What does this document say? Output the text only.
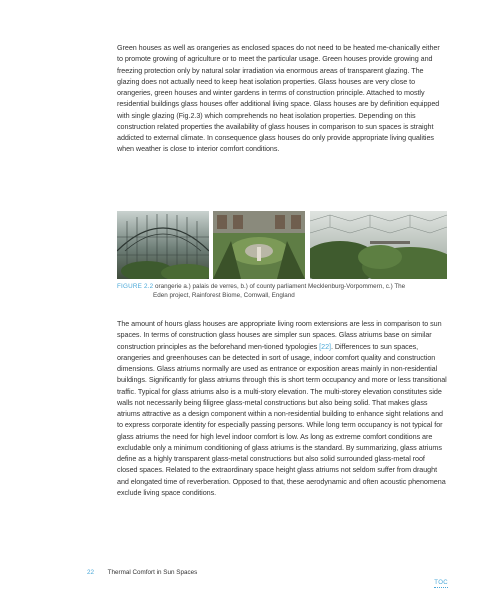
Green houses as well as orangeries as enclosed spaces do not need to be heated me-chanically either to promote growing of agriculture or to meet the particular usage. Green houses provide growing and freezing protection only by natural solar irradiation via enormous areas of transparent glazing. The glazing does not actually need to keep heat isolation properties. Glass houses are very close to orangeries, green houses and winter gardens in terms of construction principle. Attached to mostly residential buildings glass houses offer additional living space. Glass houses are by definition equipped with single glazing (Fig.2.3) which comprehends no heat isolation properties. Depending on this construction related properties the availability of glass houses in comparison to sun spaces is straight addicted to external climate. In consequence glass houses do only provide appropriate living qualities when weather is close to interior comfort conditions.

FIGURE 2.2 orangerie a.) palais de verres, b.) of county parliament Mecklenburg-Vorpommern, c.) The
Eden project, Rainforest Biome, Cornwall, England

The amount of hours glass houses are appropriate living room extensions are less in comparison to sun spaces. In terms of construction glass houses are simpler sun spaces. Glass atriums base on similar construction principles as the beforehand men-tioned typologies [22]. Differences to sun spaces, orangeries and greenhouses can be detected in sort of usage, indoor comfort quality and construction dimensions. Glass atriums normally are used as entrance or exposition areas mainly in non-residential buildings. Significantly for glass atriums through this is short term occupancy and more or less transitional traffic. Typical for glass atriums also is a multi-story elevation. The multi-storey elevation constitutes side walls not necessarily being filigree glass-metal constructions but also being solid. That makes glass atriums attractive as a design component within a non-residential building to enhance sight relations and to express corporate identity for especially passing persons. While long term occupancy is not typical for glass atriums the need for high level indoor comfort is low. As long as extreme comfort conditions are excludable only a minimum conditioning of glass atriums is the standard. By summarizing, glass atriums define as a highly transparent glass-metal constructions but also solid surrounded glass-metal roof closed spaces. Related to the extraordinary space height glass atriums not seldom suffer from draught and elongated time of reverberation. Opposed to that, these aerodynamic and often acoustic phenomena exclude living space conditions.

22 Thermal Comfort in Sun Spaces
TOC
